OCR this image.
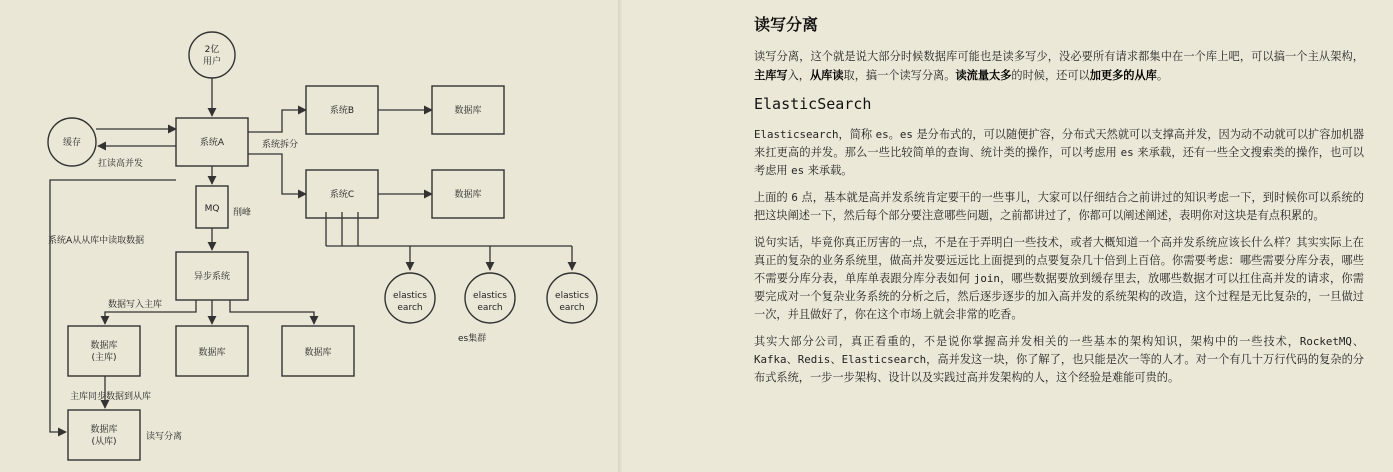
2亿
用户
缓存	系统A
系统B	数据库
系统C	数据库
MQ
异步系统
数据库
(主库)	数据库	数据库
数据库
(从库)
elastics
earch
elastics
earch
elastics
earch
扛读高并发
系统拆分
削峰
系统A从从库中读取数据
数据写入主库
主库同步数据到从库
读写分离
es集群
读写分离

读写分离，这个就是说大部分时候数据库可能也是读多写少，没必要所有请求都集中在一个库上吧，可以搞一个主从架构，主库写入，从库读取，搞一个读写分离。读流量太多的时候，还可以加更多的从库。

ElasticSearch

Elasticsearch，简称 es。es 是分布式的，可以随便扩容，分布式天然就可以支撑高并发，因为动不动就可以扩容加机器来扛更高的并发。那么一些比较简单的查询、统计类的操作，可以考虑用 es 来承载，还有一些全文搜索类的操作，也可以考虑用 es 来承载。

上面的 6 点，基本就是高并发系统肯定要干的一些事儿，大家可以仔细结合之前讲过的知识考虑一下，到时候你可以系统的把这块阐述一下，然后每个部分要注意哪些问题，之前都讲过了，你都可以阐述阐述，表明你对这块是有点积累的。

说句实话，毕竟你真正厉害的一点，不是在于弄明白一些技术，或者大概知道一个高并发系统应该长什么样？其实实际上在真正的复杂的业务系统里，做高并发要远远比上面提到的点要复杂几十倍到上百倍。你需要考虑：哪些需要分库分表，哪些不需要分库分表，单库单表跟分库分表如何 join，哪些数据要放到缓存里去，放哪些数据才可以扛住高并发的请求，你需要完成对一个复杂业务系统的分析之后，然后逐步逐步的加入高并发的系统架构的改造，这个过程是无比复杂的，一旦做过一次，并且做好了，你在这个市场上就会非常的吃香。

其实大部分公司，真正看重的，不是说你掌握高并发相关的一些基本的架构知识，架构中的一些技术，RocketMQ、Kafka、Redis、Elasticsearch，高并发这一块，你了解了，也只能是次一等的人才。对一个有几十万行代码的复杂的分布式系统，一步一步架构、设计以及实践过高并发架构的人，这个经验是难能可贵的。
